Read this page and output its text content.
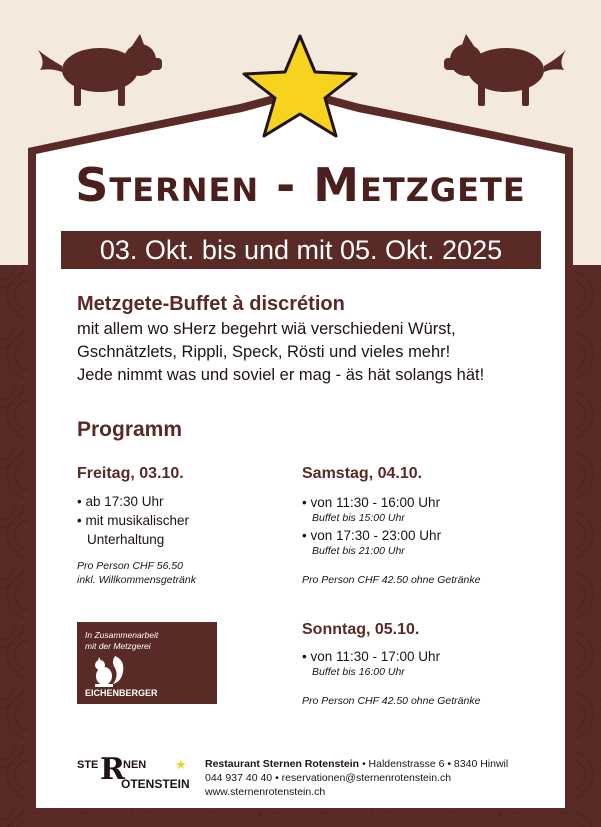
Sternen - Metzgete
03. Okt. bis und mit 05. Okt. 2025
Metzgete-Buffet à discrétion
mit allem wo sHerz begehrt wiä verschiedeni Würst,
Gschnätzlets, Rippli, Speck, Rösti und vieles mehr!
Jede nimmt was und soviel er mag - äs hät solangs hät!
Programm
Freitag, 03.10.
• ab 17:30 Uhr
• mit musikalischer
Unterhaltung
Pro Person CHF 56.50
inkl. Willkommensgetränk
Samstag, 04.10.
• von 11:30 - 16:00 Uhr
Buffet bis 15:00 Uhr
• von 17:30 - 23:00 Uhr
Buffet bis 21:00 Uhr
Pro Person CHF 42.50 ohne Getränke
In Zusammenarbeit
mit der Metzgerei
EICHENBERGER
Sonntag, 05.10.
• von 11:30 - 17:00 Uhr
Buffet bis 16:00 Uhr
Pro Person CHF 42.50 ohne Getränke
STE R
NEN
OTENSTEIN
★ Restaurant Sternen Rotenstein • Haldenstrasse 6 • 8340 Hinwil
044 937 40 40 • reservationen@sternenrotenstein.ch
www.sternenrotenstein.ch
